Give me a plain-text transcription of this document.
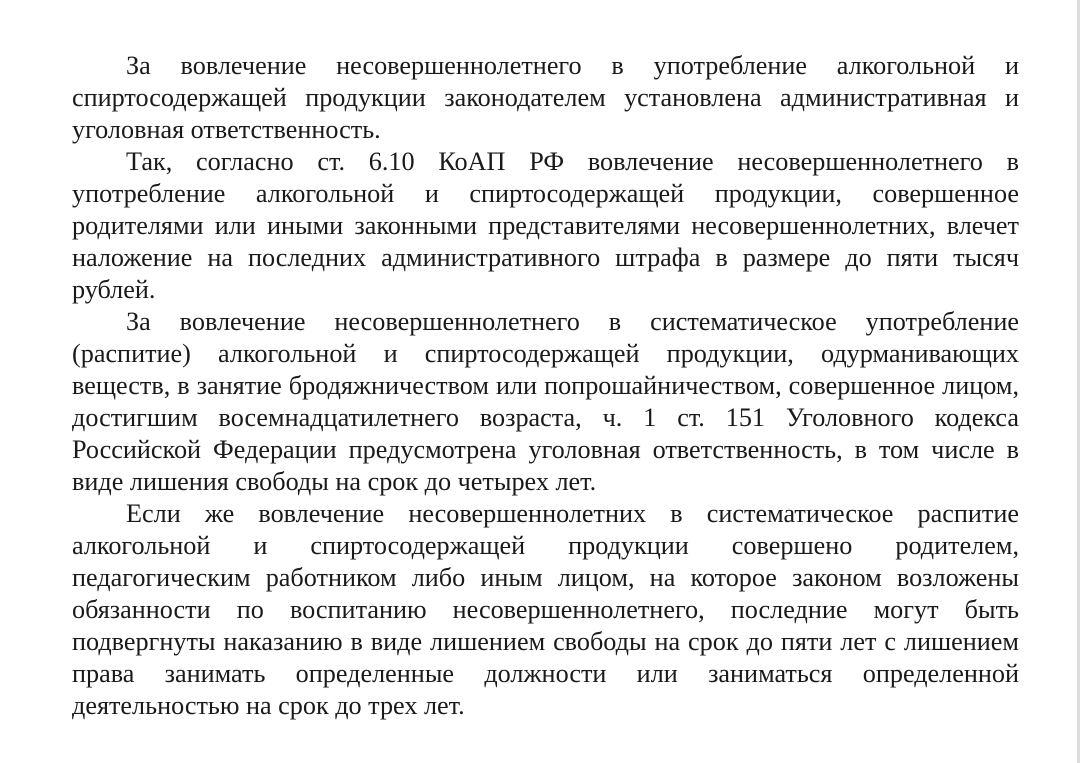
За вовлечение несовершеннолетнего в употребление алкогольной и спиртосодержащей продукции законодателем установлена административная и уголовная ответственность.

Так, согласно ст. 6.10 КоАП РФ вовлечение несовершеннолетнего в употребление алкогольной и спиртосодержащей продукции, совершенное родителями или иными законными представителями несовершеннолетних, влечет наложение на последних административного штрафа в размере до пяти тысяч рублей.

За вовлечение несовершеннолетнего в систематическое употребление (распитие) алкогольной и спиртосодержащей продукции, одурманивающих веществ, в занятие бродяжничеством или попрошайничеством, совершенное лицом, достигшим восемнадцатилетнего возраста, ч. 1 ст. 151 Уголовного кодекса Российской Федерации предусмотрена уголовная ответственность, в том числе в виде лишения свободы на срок до четырех лет.

Если же вовлечение несовершеннолетних в систематическое распитие алкогольной и спиртосодержащей продукции совершено родителем, педагогическим работником либо иным лицом, на которое законом возложены обязанности по воспитанию несовершеннолетнего, последние могут быть подвергнуты наказанию в виде лишением свободы на срок до пяти лет с лишением права занимать определенные должности или заниматься определенной деятельностью на срок до трех лет.
